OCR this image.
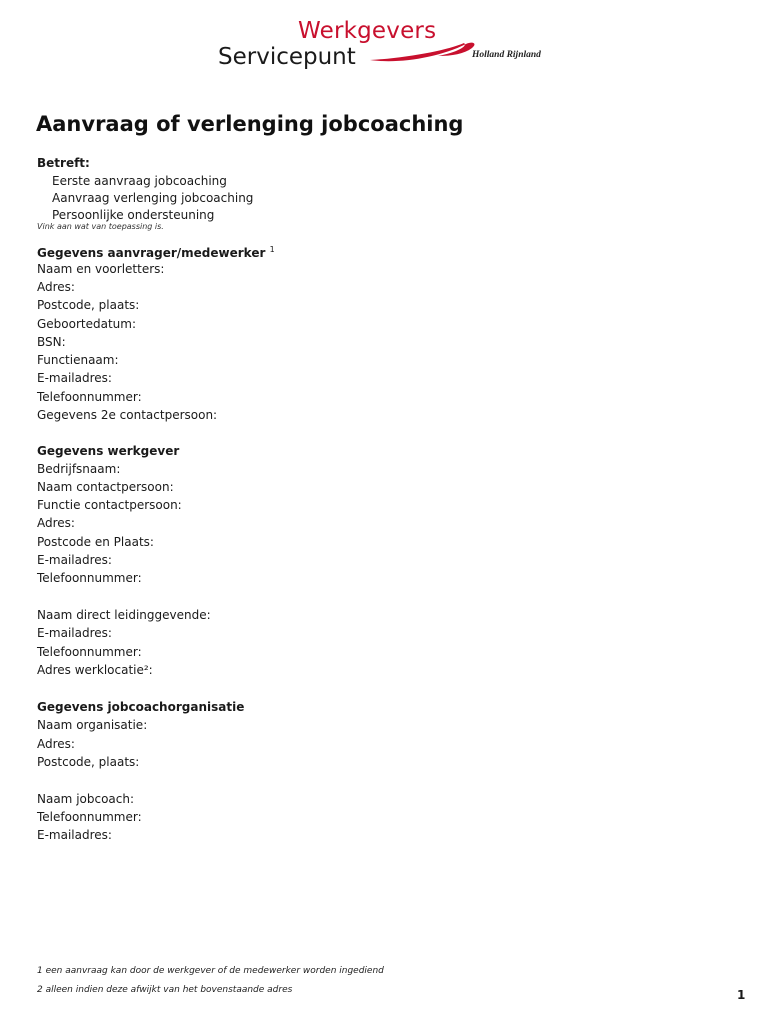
Werkgevers
Servicepunt	Holland Rijnland
Aanvraag of verlenging jobcoaching
Betreft:
Eerste aanvraag jobcoaching
Aanvraag verlenging jobcoaching
Persoonlijke ondersteuning
Vink aan wat van toepassing is.
Gegevens aanvrager/medewerker $^1$
Naam en voorletters:
Adres:
Postcode, plaats:
Geboortedatum:
BSN:
Functienaam:
E-mailadres:
Telefoonnummer:
Gegevens 2e contactpersoon:
Gegevens werkgever
Bedrijfsnaam:
Naam contactpersoon:
Functie contactpersoon:
Adres:
Postcode en Plaats:
E-mailadres:
Telefoonnummer:
Naam direct leidinggevende:
E-mailadres:
Telefoonnummer:
Adres werklocatie²:
Gegevens jobcoachorganisatie
Naam organisatie:
Adres:
Postcode, plaats:
Naam jobcoach:
Telefoonnummer:
E-mailadres:
1 een aanvraag kan door de werkgever of de medewerker worden ingediend
2 alleen indien deze afwijkt van het bovenstaande adres	1
